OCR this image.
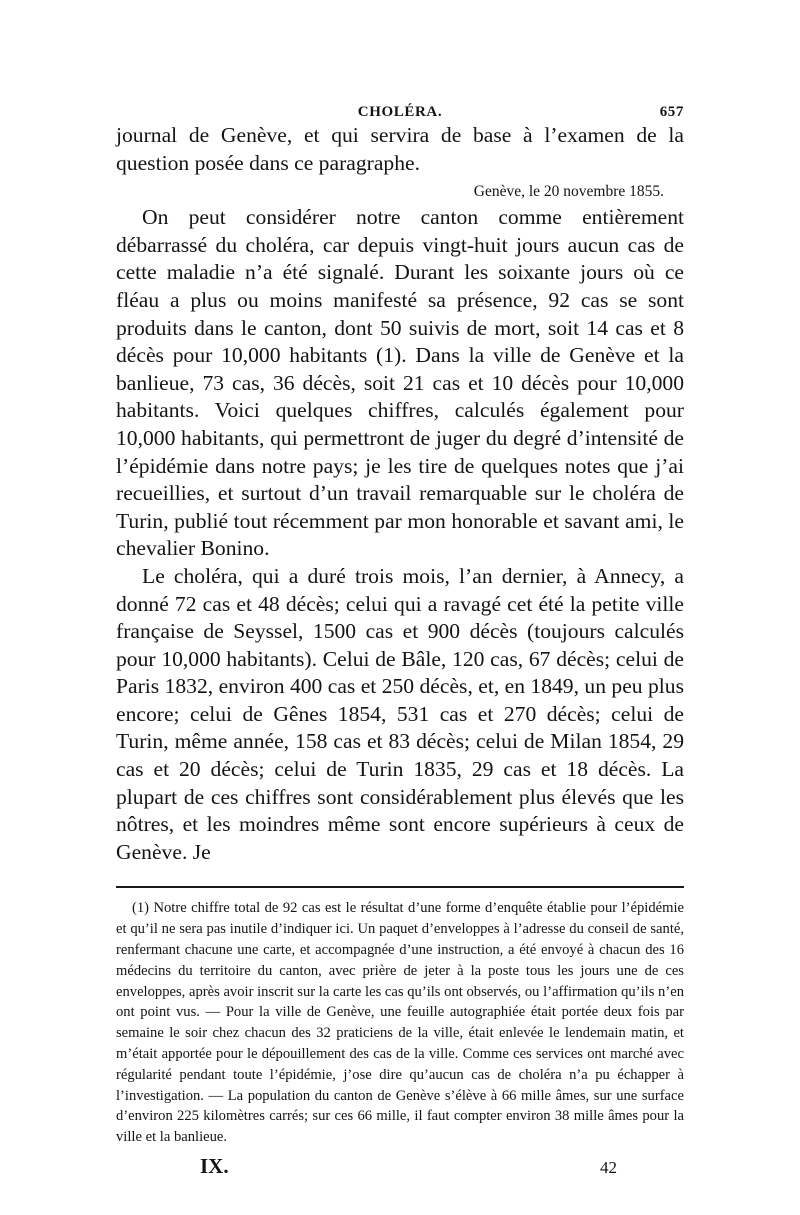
CHOLÉRA.	657

journal de Genève, et qui servira de base à l’examen de la question posée dans ce paragraphe.

Genève, le 20 novembre 1855.

On peut considérer notre canton comme entièrement débarrassé du choléra, car depuis vingt-huit jours aucun cas de cette maladie n’a été signalé. Durant les soixante jours où ce fléau a plus ou moins manifesté sa présence, 92 cas se sont produits dans le canton, dont 50 suivis de mort, soit 14 cas et 8 décès pour 10,000 habitants (1). Dans la ville de Genève et la banlieue, 73 cas, 36 décès, soit 21 cas et 10 décès pour 10,000 habitants. Voici quelques chiffres, calculés également pour 10,000 habitants, qui permettront de juger du degré d’intensité de l’épidémie dans notre pays; je les tire de quelques notes que j’ai recueillies, et surtout d’un travail remarquable sur le choléra de Turin, publié tout récemment par mon honorable et savant ami, le chevalier Bonino.

Le choléra, qui a duré trois mois, l’an dernier, à Annecy, a donné 72 cas et 48 décès; celui qui a ravagé cet été la petite ville française de Seyssel, 1500 cas et 900 décès (toujours calculés pour 10,000 habitants). Celui de Bâle, 120 cas, 67 décès; celui de Paris 1832, environ 400 cas et 250 décès, et, en 1849, un peu plus encore; celui de Gênes 1854, 531 cas et 270 décès; celui de Turin, même année, 158 cas et 83 décès; celui de Milan 1854, 29 cas et 20 décès; celui de Turin 1835, 29 cas et 18 décès. La plupart de ces chiffres sont considérablement plus élevés que les nôtres, et les moindres même sont encore supérieurs à ceux de Genève. Je

(1) Notre chiffre total de 92 cas est le résultat d’une forme d’enquête établie pour l’épidémie et qu’il ne sera pas inutile d’indiquer ici. Un paquet d’enveloppes à l’adresse du conseil de santé, renfermant chacune une carte, et accompagnée d’une instruction, a été envoyé à chacun des 16 médecins du territoire du canton, avec prière de jeter à la poste tous les jours une de ces enveloppes, après avoir inscrit sur la carte les cas qu’ils ont observés, ou l’affirmation qu’ils n’en ont point vus. — Pour la ville de Genève, une feuille autographiée était portée deux fois par semaine le soir chez chacun des 32 praticiens de la ville, était enlevée le lendemain matin, et m’était apportée pour le dépouillement des cas de la ville. Comme ces services ont marché avec régularité pendant toute l’épidémie, j’ose dire qu’aucun cas de choléra n’a pu échapper à l’investigation. — La population du canton de Genève s’élève à 66 mille âmes, sur une surface d’environ 225 kilomètres carrés; sur ces 66 mille, il faut compter environ 38 mille âmes pour la ville et la banlieue.

IX.	42
